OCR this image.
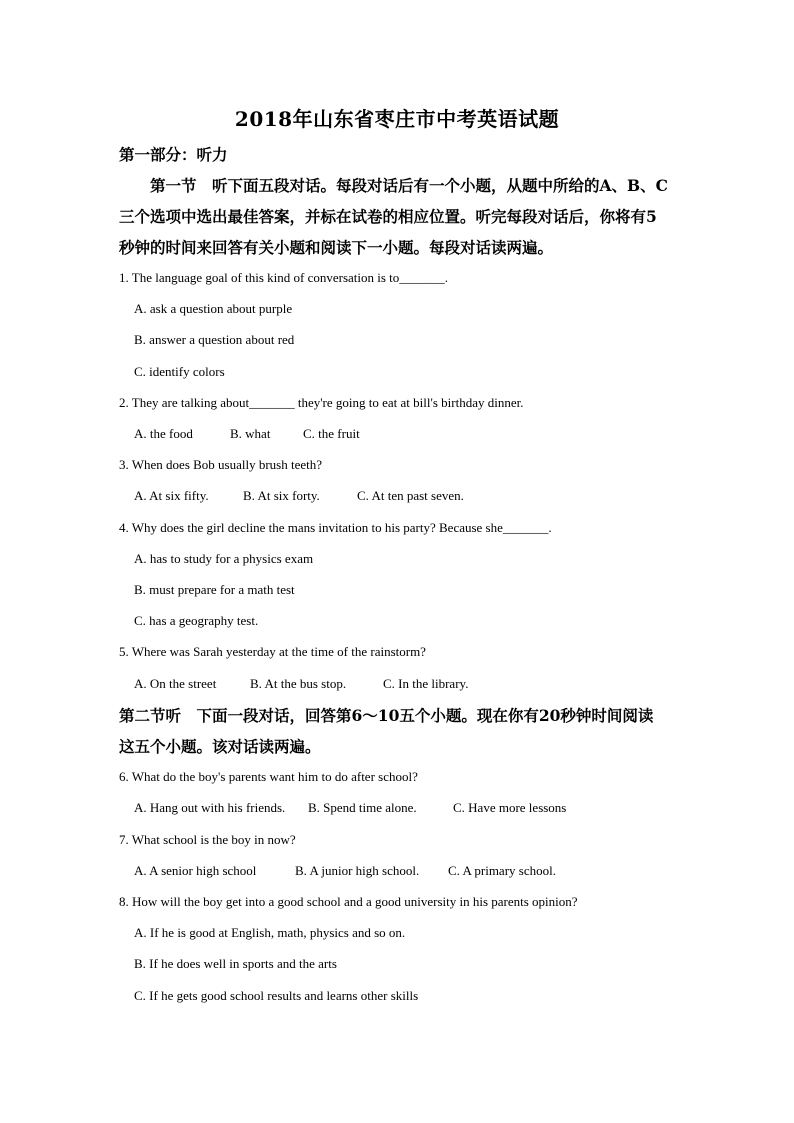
2018年山东省枣庄市中考英语试题
第一部分：听力
　　第一节　听下面五段对话。每段对话后有一个小题，从题中所给的A、B、C
三个选项中选出最佳答案，并标在试卷的相应位置。听完每段对话后，你将有5
秒钟的时间来回答有关小题和阅读下一小题。每段对话读两遍。
1. The language goal of this kind of conversation is to_______.
A. ask a question about purple
B. answer a question about red
C. identify colors
2. They are talking about_______ they're going to eat at bill's birthday dinner.
A. the food	B. what	C. the fruit
3. When does Bob usually brush teeth?
A. At six fifty.	B. At six forty.	C. At ten past seven.
4. Why does the girl decline the mans invitation to his party? Because she_______.
A. has to study for a physics exam
B. must prepare for a math test
C. has a geography test.
5. Where was Sarah yesterday at the time of the rainstorm?
A. On the street	B. At the bus stop.	C. In the library.
第二节听　下面一段对话，回答第6～10五个小题。现在你有20秒钟时间阅读
这五个小题。该对话读两遍。
6. What do the boy's parents want him to do after school?
A. Hang out with his friends. B. Spend time alone.	C. Have more lessons
7. What school is the boy in now?
A. A senior high school	B. A junior high school. C. A primary school.
8. How will the boy get into a good school and a good university in his parents opinion?
A. If he is good at English, math, physics and so on.
B. If he does well in sports and the arts
C. If he gets good school results and learns other skills
